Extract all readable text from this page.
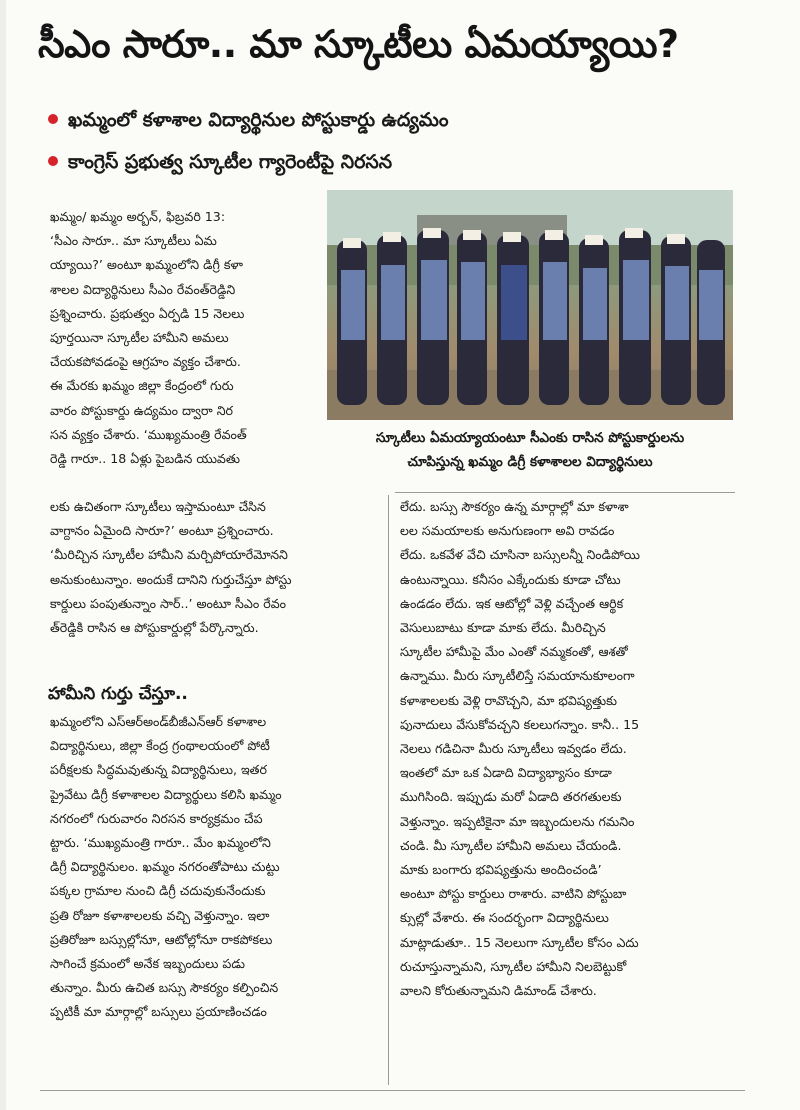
సీఎం సారూ.. మా స్కూటీలు ఏమయ్యాయి?
ఖమ్మంలో కళాశాల విద్యార్థినుల పోస్టుకార్డు ఉద్యమం
కాంగ్రెస్ ప్రభుత్వ స్కూటీల గ్యారెంటీపై నిరసన
ఖమ్మం/ ఖమ్మం అర్బన్, ఫిబ్రవరి 13:
‘సీఎం సారూ.. మా స్కూటీలు ఏమ
య్యాయి?’ అంటూ ఖమ్మంలోని డిగ్రీ కళా
శాలల విద్యార్థినులు సీఎం రేవంత్‌రెడ్డిని
ప్రశ్నించారు. ప్రభుత్వం ఏర్పడి 15 నెలలు
పూర్తయినా స్కూటీల హామీని అమలు
చేయకపోవడంపై ఆగ్రహం వ్యక్తం చేశారు.
ఈ మేరకు ఖమ్మం జిల్లా కేంద్రంలో గురు
వారం పోస్టుకార్డు ఉద్యమం ద్వారా నిర
సన వ్యక్తం చేశారు. ‘ముఖ్యమంత్రి రేవంత్
రెడ్డి గారూ.. 18 ఏళ్లు పైబడిన యువతు
స్కూటీలు ఏమయ్యాయంటూ సీఎంకు రాసిన పోస్టుకార్డులను
చూపిస్తున్న ఖమ్మం డిగ్రీ కళాశాలల విద్యార్థినులు
లకు ఉచితంగా స్కూటీలు ఇస్తామంటూ చేసిన
వాగ్దానం ఏమైంది సారూ?’ అంటూ ప్రశ్నించారు.
‘మీరిచ్చిన స్కూటీల హామీని మర్చిపోయారేమోనని
అనుకుంటున్నాం. అందుకే దానిని గుర్తుచేస్తూ పోస్టు
కార్డులు పంపుతున్నాం సార్..’ అంటూ సీఎం రేవం
త్‌రెడ్డికి రాసిన ఆ పోస్టుకార్డుల్లో పేర్కొన్నారు.
హామీని గుర్తు చేస్తూ..
ఖమ్మంలోని ఎస్‌ఆర్‌అండ్‌బీజీఎన్‌ఆర్ కళాశాల
విద్యార్థినులు, జిల్లా కేంద్ర గ్రంథాలయంలో పోటీ
పరీక్షలకు సిద్ధమవుతున్న విద్యార్థినులు, ఇతర
ప్రైవేటు డిగ్రీ కళాశాలల విద్యార్థులు కలిసి ఖమ్మం
నగరంలో గురువారం నిరసన కార్యక్రమం చేప
ట్టారు. ‘ముఖ్యమంత్రి గారూ.. మేం ఖమ్మంలోని
డిగ్రీ విద్యార్థినులం. ఖమ్మం నగరంతోపాటు చుట్టు
పక్కల గ్రామాల నుంచి డిగ్రీ చదువుకునేందుకు
ప్రతి రోజూ కళాశాలలకు వచ్చి వెళ్తున్నాం. ఇలా
ప్రతిరోజూ బస్సుల్లోనూ, ఆటోల్లోనూ రాకపోకలు
సాగించే క్రమంలో అనేక ఇబ్బందులు పడు
తున్నాం. మీరు ఉచిత బస్సు సౌకర్యం కల్పించిన
ప్పటికీ మా మార్గాల్లో బస్సులు ప్రయాణించడం
లేదు. బస్సు సౌకర్యం ఉన్న మార్గాల్లో మా కళాశా
లల సమయాలకు అనుగుణంగా అవి రావడం
లేదు. ఒకవేళ వేచి చూసినా బస్సులన్నీ నిండిపోయి
ఉంటున్నాయి. కనీసం ఎక్కేందుకు కూడా చోటు
ఉండడం లేదు. ఇక ఆటోల్లో వెళ్లి వచ్చేంత ఆర్థిక
వెసులుబాటు కూడా మాకు లేదు. మీరిచ్చిన
స్కూటీల హామీపై మేం ఎంతో నమ్మకంతో, ఆశతో
ఉన్నాము. మీరు స్కూటీలిస్తే సమయానుకూలంగా
కళాశాలలకు వెళ్లి రావొచ్చని, మా భవిష్యత్తుకు
పునాదులు వేసుకోవచ్చని కలలుగన్నాం. కానీ.. 15
నెలలు గడిచినా మీరు స్కూటీలు ఇవ్వడం లేదు.
ఇంతలో మా ఒక ఏడాది విద్యాభ్యాసం కూడా
ముగిసింది. ఇప్పుడు మరో ఏడాది తరగతులకు
వెళ్తున్నాం. ఇప్పటికైనా మా ఇబ్బందులను గమనిం
చండి. మీ స్కూటీల హామీని అమలు చేయండి.
మాకు బంగారు భవిష్యత్తును అందించండి’
అంటూ పోస్టు కార్డులు రాశారు. వాటిని పోస్టుబా
క్సుల్లో వేశారు. ఈ సందర్భంగా విద్యార్థినులు
మాట్లాడుతూ.. 15 నెలలుగా స్కూటీల కోసం ఎదు
రుచూస్తున్నామని, స్కూటీల హామీని నిలబెట్టుకో
వాలని కోరుతున్నామని డిమాండ్ చేశారు.
